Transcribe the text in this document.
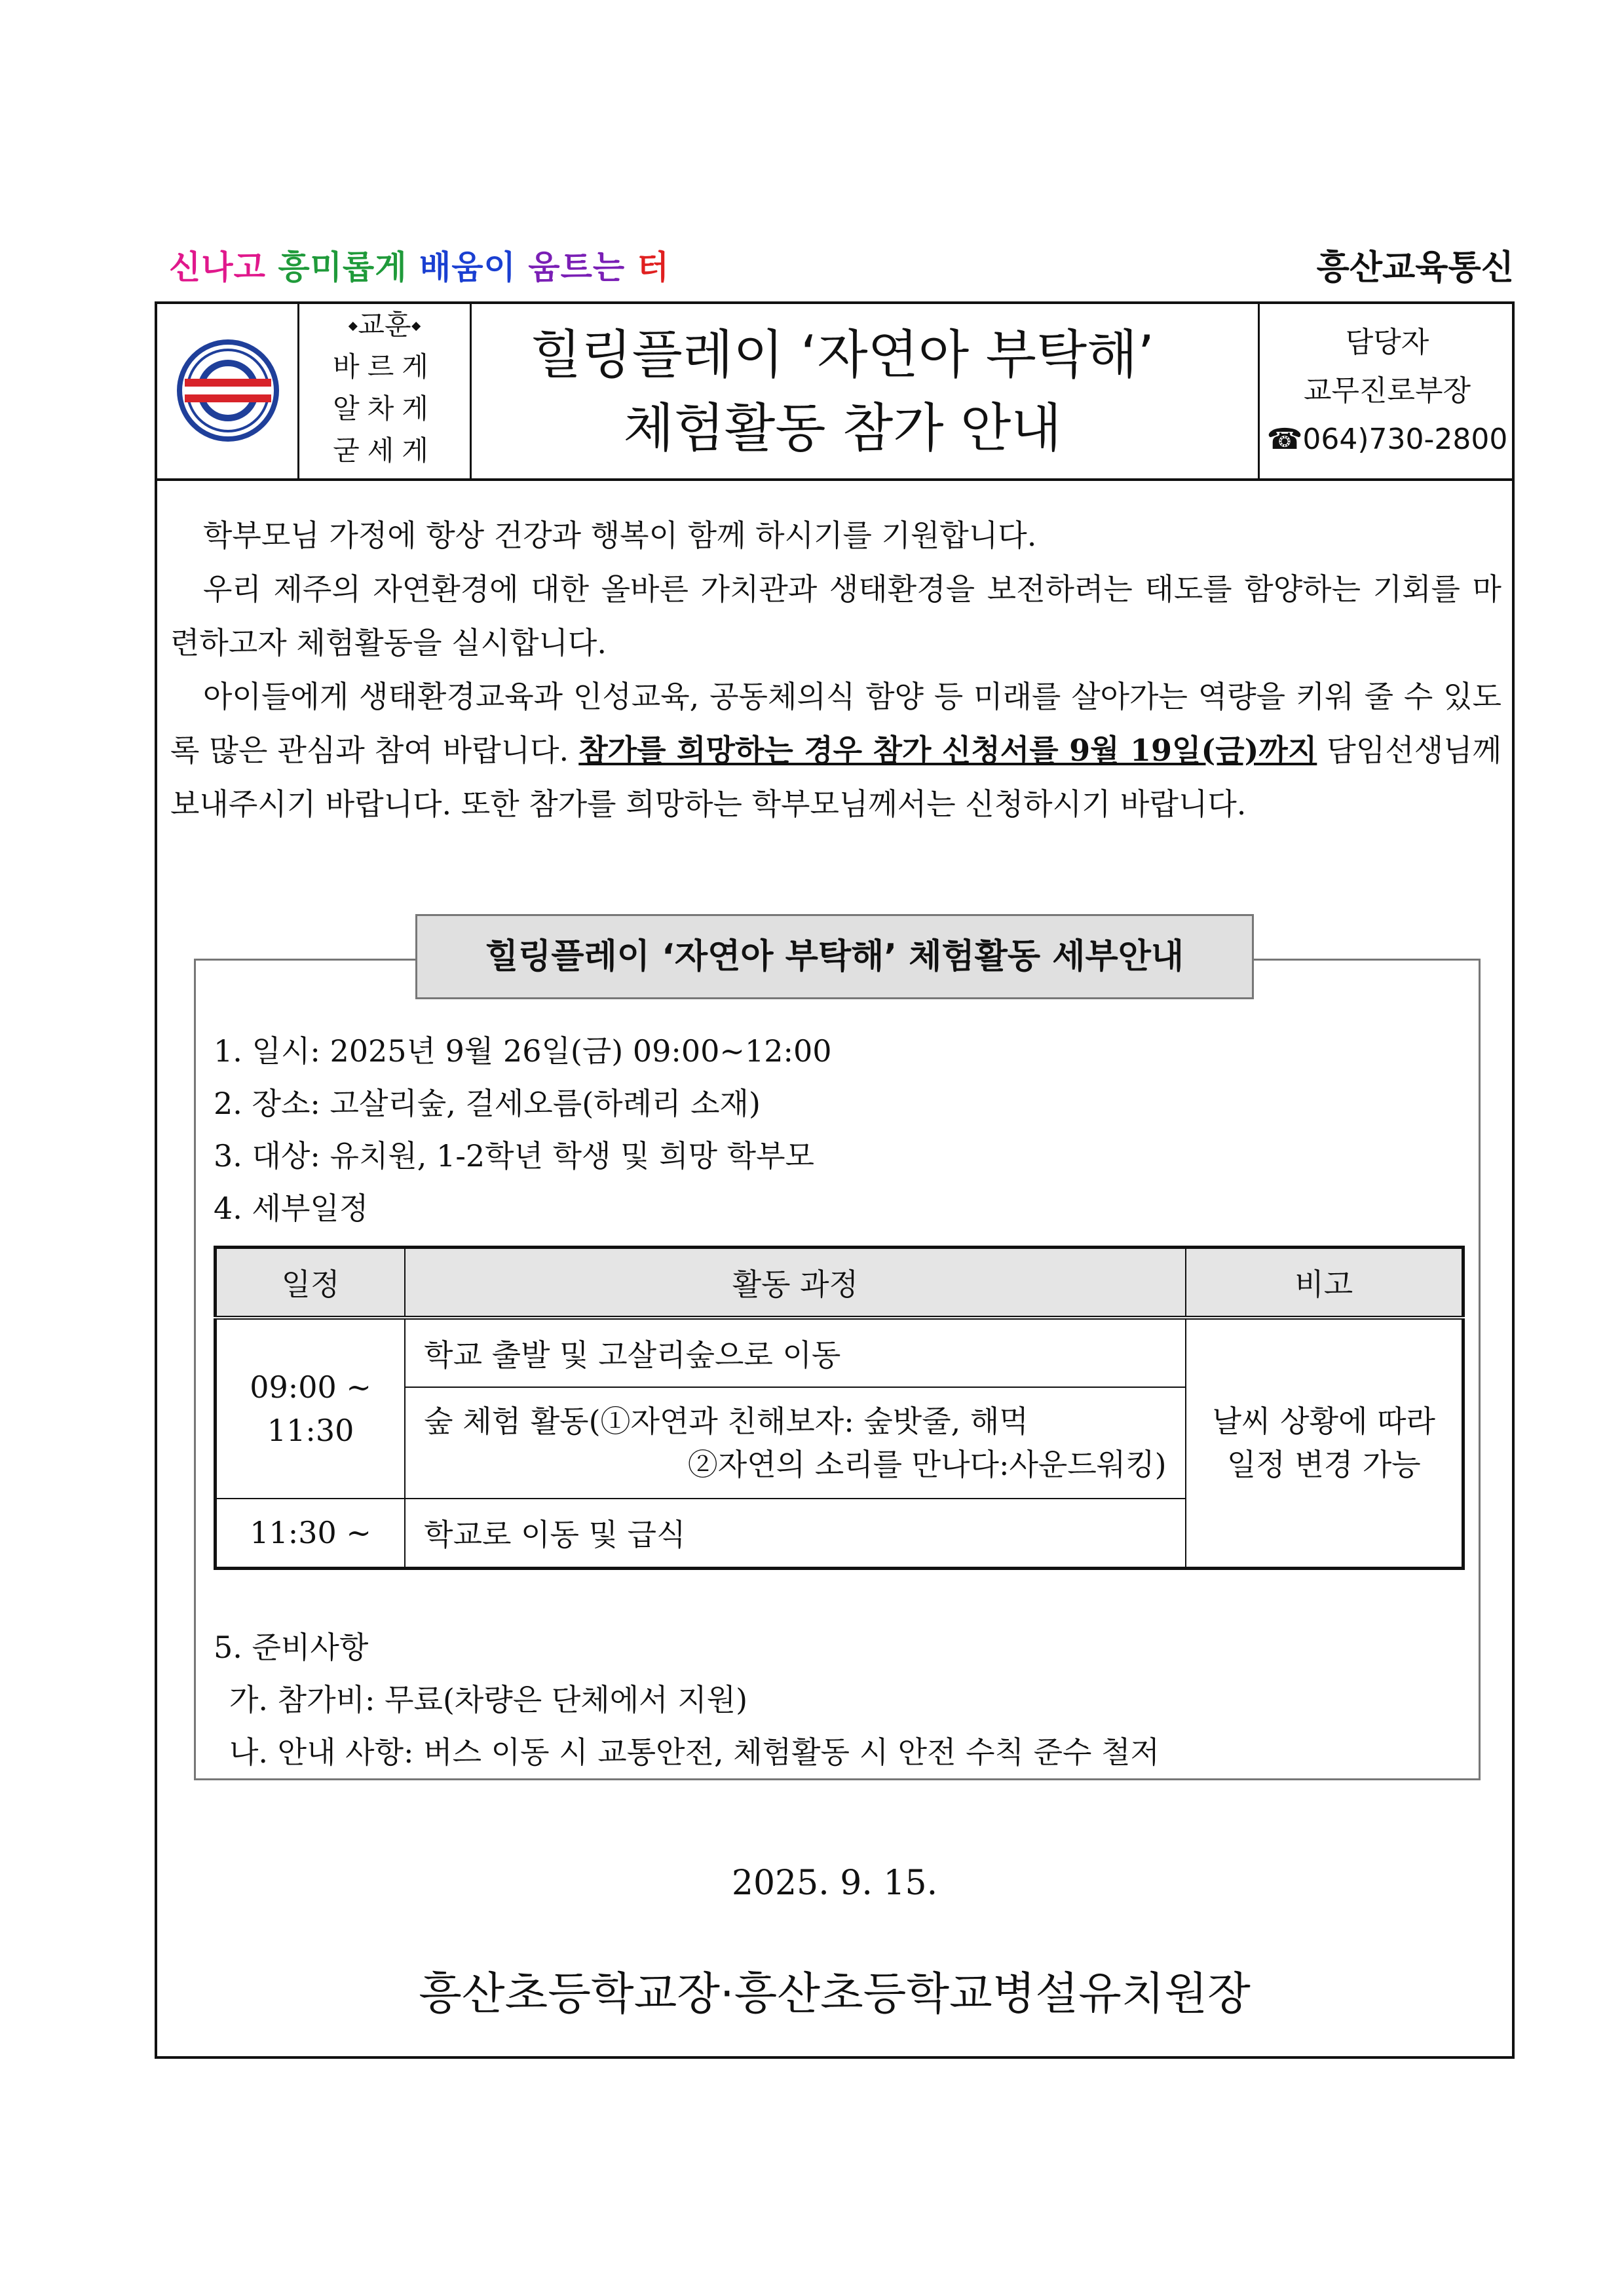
신나고 흥미롭게 배움이 움트는 터	흥산교육통신
⬩교훈⬩
바르게
알차게
굳세게
힐링플레이 ‘자연아 부탁해’
체험활동 참가 안내
담당자
교무진로부장
☎064)730-2800

학부모님 가정에 항상 건강과 행복이 함께 하시기를 기원합니다.

우리 제주의 자연환경에 대한 올바른 가치관과 생태환경을 보전하려는 태도를 함양하는 기회를 마련하고자 체험활동을 실시합니다.

아이들에게 생태환경교육과 인성교육, 공동체의식 함양 등 미래를 살아가는 역량을 키워 줄 수 있도록 많은 관심과 참여 바랍니다. 참가를 희망하는 경우 참가 신청서를 9월 19일(금)까지 담임선생님께 보내주시기 바랍니다. 또한 참가를 희망하는 학부모님께서는 신청하시기 바랍니다.

힐링플레이 ‘자연아 부탁해’ 체험활동 세부안내
1. 일시: 2025년 9월 26일(금) 09:00~12:00
2. 장소: 고살리숲, 걸세오름(하례리 소재)
3. 대상: 유치원, 1-2학년 학생 및 희망 학부모
4. 세부일정
일정	활동 과정	비고
09:00 ~ 11:30	학교 출발 및 고살리숲으로 이동	날씨 상황에 따라 일정 변경 가능

	숲 체험 활동(①자연과 친해보자: 숲밧줄, 해먹
②자연의 소리를 만나다:사운드워킹)	

11:30 ~	학교로 이동 및 급식	
5. 준비사항
가. 참가비: 무료(차량은 단체에서 지원)
나. 안내 사항: 버스 이동 시 교통안전, 체험활동 시 안전 수칙 준수 철저
2025. 9. 15.
흥산초등학교장·흥산초등학교병설유치원장
